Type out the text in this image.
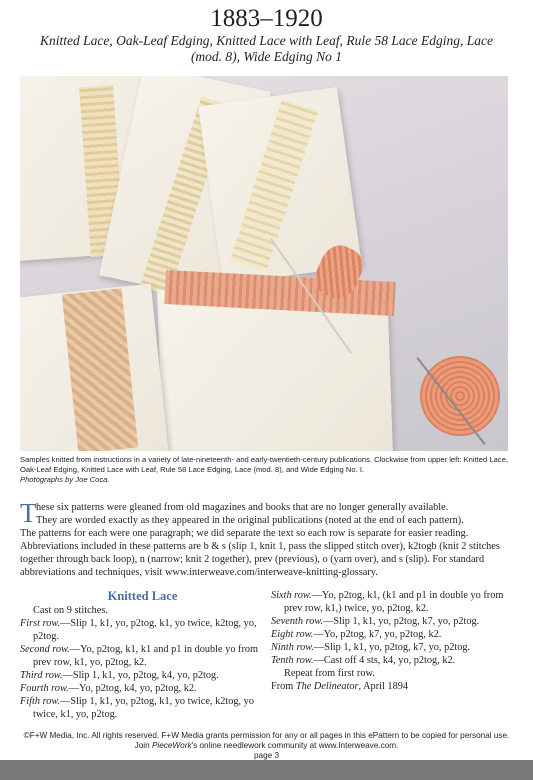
1883–1920
Knitted Lace, Oak-Leaf Edging, Knitted Lace with Leaf, Rule 58 Lace Edging, Lace (mod. 8), Wide Edging No 1
Samples knitted from instructions in a variety of late-nineteenth- and early-twentieth-century publications. Clockwise from upper left: Knitted Lace, Oak-Leaf Edging, Knitted Lace with Leaf, Rule 58 Lace Edging, Lace (mod. 8), and Wide Edging No. I.
Photographs by Joe Coca.
T hese six patterns were gleaned from old magazines and books that are no longer generally available.
They are worded exactly as they appeared in the original publications (noted at the end of each pattern).
The patterns for each were one paragraph; we did separate the text so each row is separate for easier reading. Abbreviations included in these patterns are b & s (slip 1, knit 1, pass the slipped stitch over), k2togb (knit 2 stitches together through back loop), n (narrow; knit 2 together), prev (previous), o (yarn over), and s (slip). For standard abbreviations and techniques, visit www.interweave.com/interweave-knitting-glossary.
Knitted Lace
Cast on 9 stitches.
First row.—Slip 1, k1, yo, p2tog, k1, yo twice, k2tog, yo, p2tog.
Second row.—Yo, p2tog, k1, k1 and p1 in double yo from prev row, k1, yo, p2tog, k2.
Third row.—Slip 1, k1, yo, p2tog, k4, yo, p2tog.
Fourth row.—Yo, p2tog, k4, yo, p2tog, k2.
Fifth row.—Slip 1, k1, yo, p2tog, k1, yo twice, k2tog, yo twice, k1, yo, p2tog.
Sixth row.—Yo, p2tog, k1, (k1 and p1 in double yo from prev row, k1,) twice, yo, p2tog, k2.
Seventh row.—Slip 1, k1, yo, p2tog, k7, yo, p2tog.
Eight row.—Yo, p2tog, k7, yo, p2tog, k2.
Ninth row.—Slip 1, k1, yo, p2tog, k7, yo, p2tog.
Tenth row.—Cast off 4 sts, k4, yo, p2tog, k2.
Repeat from first row.
From The Delineator, April 1894
©F+W Media, Inc. All rights reserved. F+W Media grants permission for any or all pages in this ePattern to be copied for personal use.
Join PieceWork's online needlework community at www.Interweave.com.
page 3
